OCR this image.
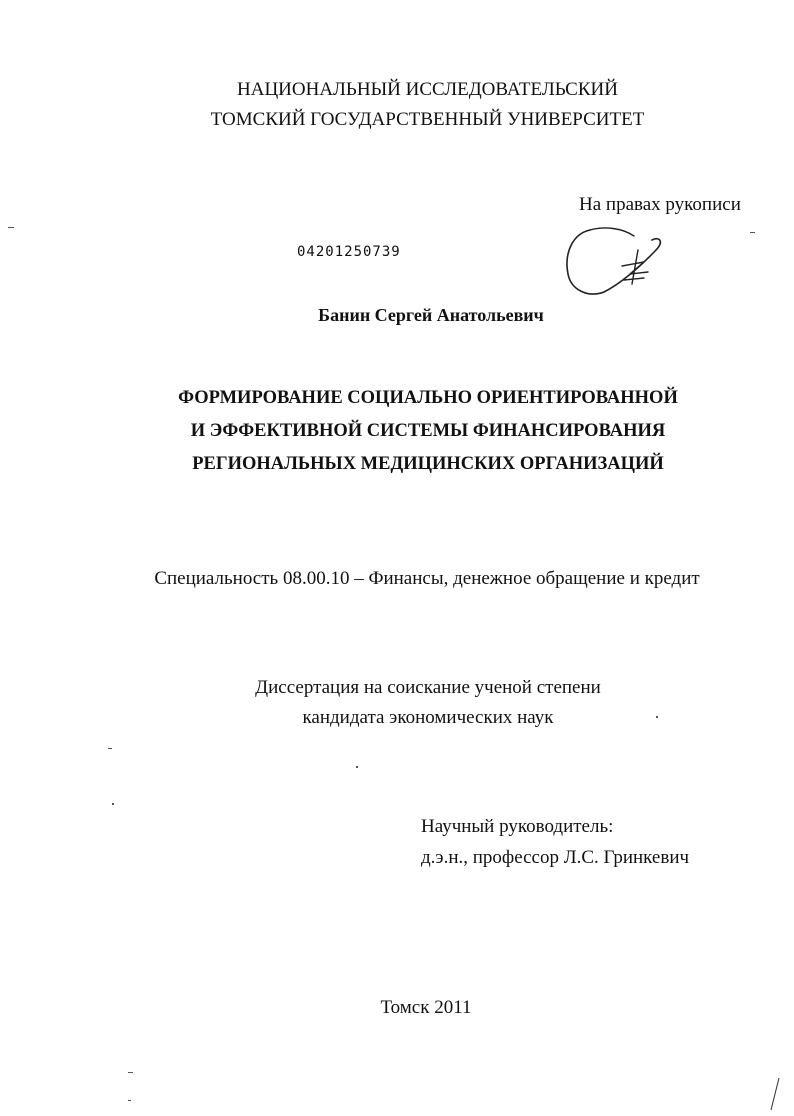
НАЦИОНАЛЬНЫЙ ИССЛЕДОВАТЕЛЬСКИЙ
ТОМСКИЙ ГОСУДАРСТВЕННЫЙ УНИВЕРСИТЕТ
На правах рукописи
04201250739
Банин Сергей Анатольевич
ФОРМИРОВАНИЕ СОЦИАЛЬНО ОРИЕНТИРОВАННОЙ
И ЭФФЕКТИВНОЙ СИСТЕМЫ ФИНАНСИРОВАНИЯ
РЕГИОНАЛЬНЫХ МЕДИЦИНСКИХ ОРГАНИЗАЦИЙ
Специальность 08.00.10 – Финансы, денежное обращение и кредит
Диссертация на соискание ученой степени
кандидата экономических наук
Научный руководитель:
д.э.н., профессор Л.С. Гринкевич
Томск 2011
